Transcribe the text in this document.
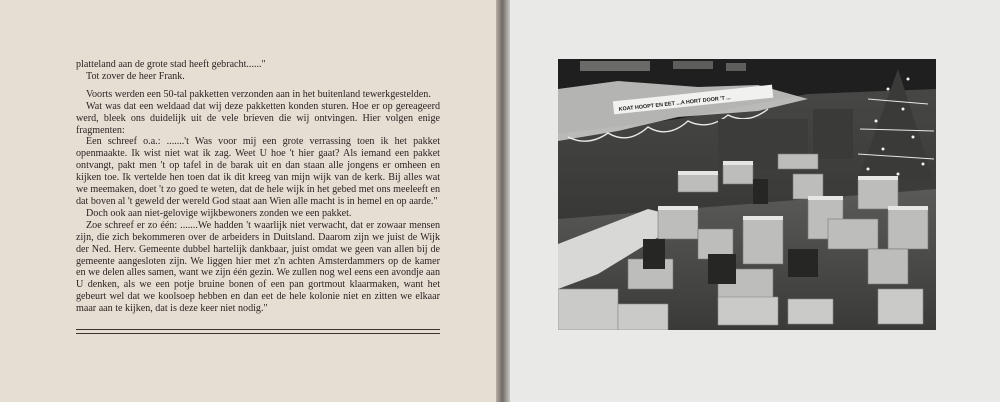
platteland aan de grote stad heeft gebracht......"

Tot zover de heer Frank.

Voorts werden een 50-tal pakketten verzonden aan in het buitenland tewerkgestelden.

Wat was dat een weldaad dat wij deze pakketten konden sturen. Hoe er op gereageerd werd, bleek ons duidelijk uit de vele brieven die wij ontvingen. Hier volgen enige fragmenten:

Een schreef o.a.: .......'t Was voor mij een grote verrassing toen ik het pakket openmaakte. Ik wist niet wat ik zag. Weet U hoe 't hier gaat? Als iemand een pakket ontvangt, pakt men 't op tafel in de barak uit en dan staan alle jongens er omheen en kijken toe. Ik vertelde hen toen dat ik dit kreeg van mijn wijk van de kerk. Bij alles wat we meemaken, doet 't zo goed te weten, dat de hele wijk in het gebed met ons meeleeft en dat boven al 't geweld der wereld God staat aan Wien alle macht is in hemel en op aarde."

Doch ook aan niet-gelovige wijkbewoners zonden we een pakket.

Zoe schreef er zo één: .......We hadden 't waarlijk niet verwacht, dat er zowaar mensen zijn, die zich bekommeren over de arbeiders in Duitsland. Daarom zijn we juist de Wijk der Ned. Herv. Gemeente dubbel hartelijk dankbaar, juist omdat we geen van allen bij de gemeente aangesloten zijn. We liggen hier met z'n achten Amsterdammers op de kamer en we delen alles samen, want we zijn één gezin. We zullen nog wel eens een avondje aan U denken, als we een potje bruine bonen of een pan gortmout klaarmaken, want het gebeurt wel dat we koolsoep hebben en dan eet de hele kolonie niet en zitten we elkaar maar aan te kijken, dat is deze keer niet nodig."

KOAT HOOPT EN EET ...A HORT DOOR 'T ...
